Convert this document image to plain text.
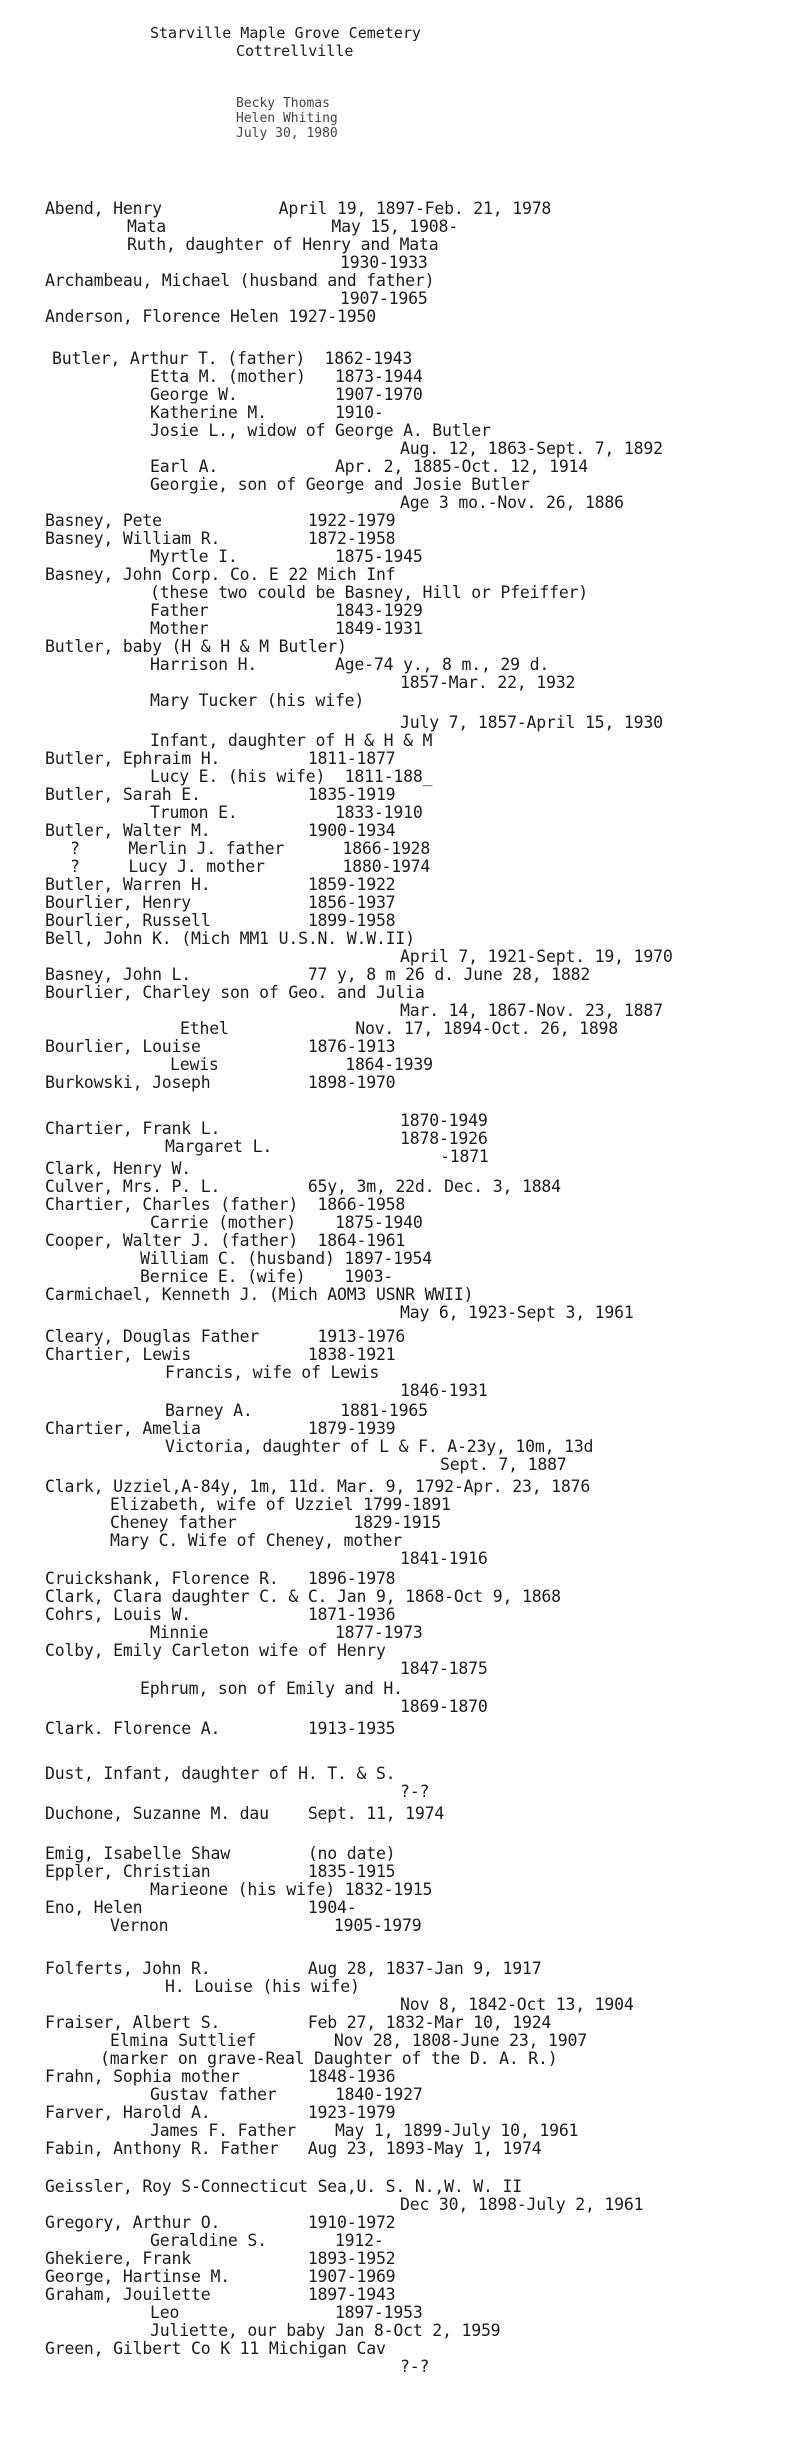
Starville Maple Grove Cemetery
Cottrellville
Becky Thomas
Helen Whiting
July 30, 1980
Abend, Henry            April 19, 1897-Feb. 21, 1978
Mata                 May 15, 1908-
Ruth, daughter of Henry and Mata
1930-1933
Archambeau, Michael (husband and father)
1907-1965
Anderson, Florence Helen 1927-1950
Butler, Arthur T. (father)  1862-1943
Etta M. (mother)   1873-1944
George W.          1907-1970
Katherine M.       1910-
Josie L., widow of George A. Butler
Aug. 12, 1863-Sept. 7, 1892
Earl A.            Apr. 2, 1885-Oct. 12, 1914
Georgie, son of George and Josie Butler
Age 3 mo.-Nov. 26, 1886
Basney, Pete               1922-1979
Basney, William R.         1872-1958
Myrtle I.          1875-1945
Basney, John Corp. Co. E 22 Mich Inf
(these two could be Basney, Hill or Pfeiffer)
Father             1843-1929
Mother             1849-1931
Butler, baby (H & H & M Butler)
Harrison H.        Age-74 y., 8 m., 29 d.
1857-Mar. 22, 1932
Mary Tucker (his wife)
July 7, 1857-April 15, 1930
Infant, daughter of H & H & M
Butler, Ephraim H.         1811-1877
Lucy E. (his wife)  1811-188_
Butler, Sarah E.           1835-1919
Trumon E.          1833-1910
Butler, Walter M.          1900-1934
?     Merlin J. father      1866-1928
?     Lucy J. mother        1880-1974
Butler, Warren H.          1859-1922
Bourlier, Henry            1856-1937
Bourlier, Russell          1899-1958
Bell, John K. (Mich MM1 U.S.N. W.W.II)
April 7, 1921-Sept. 19, 1970
Basney, John L.            77 y, 8 m 26 d. June 28, 1882
Bourlier, Charley son of Geo. and Julia
Mar. 14, 1867-Nov. 23, 1887
Ethel             Nov. 17, 1894-Oct. 26, 1898
Bourlier, Louise           1876-1913
Lewis             1864-1939
Burkowski, Joseph          1898-1970
1870-1949
Chartier, Frank L.
Margaret L.	1878-1926
-1871
Clark, Henry W.
Culver, Mrs. P. L.         65y, 3m, 22d. Dec. 3, 1884
Chartier, Charles (father)  1866-1958
Carrie (mother)    1875-1940
Cooper, Walter J. (father)  1864-1961
William C. (husband) 1897-1954
Bernice E. (wife)    1903-
Carmichael, Kenneth J. (Mich AOM3 USNR WWII)
May 6, 1923-Sept 3, 1961
Cleary, Douglas Father      1913-1976
Chartier, Lewis            1838-1921
Francis, wife of Lewis
1846-1931
Barney A.         1881-1965
Chartier, Amelia           1879-1939
Victoria, daughter of L & F. A-23y, 10m, 13d
Sept. 7, 1887
Clark, Uzziel,A-84y, 1m, 11d. Mar. 9, 1792-Apr. 23, 1876
Elizabeth, wife of Uzziel 1799-1891
Cheney father            1829-1915
Mary C. Wife of Cheney, mother
1841-1916
Cruickshank, Florence R.   1896-1978
Clark, Clara daughter C. & C. Jan 9, 1868-Oct 9, 1868
Cohrs, Louis W.            1871-1936
Minnie             1877-1973
Colby, Emily Carleton wife of Henry
1847-1875
Ephrum, son of Emily and H.
1869-1870
Clark. Florence A.         1913-1935
Dust, Infant, daughter of H. T. & S.
?-?
Duchone, Suzanne M. dau    Sept. 11, 1974
Emig, Isabelle Shaw        (no date)
Eppler, Christian          1835-1915
Marieone (his wife) 1832-1915
Eno, Helen                 1904-
Vernon                 1905-1979
Folferts, John R.          Aug 28, 1837-Jan 9, 1917
H. Louise (his wife)
Nov 8, 1842-Oct 13, 1904
Fraiser, Albert S.         Feb 27, 1832-Mar 10, 1924
Elmina Suttlief        Nov 28, 1808-June 23, 1907
(marker on grave-Real Daughter of the D. A. R.)
Frahn, Sophia mother       1848-1936
Gustav father      1840-1927
Farver, Harold A.          1923-1979
James F. Father    May 1, 1899-July 10, 1961
Fabin, Anthony R. Father   Aug 23, 1893-May 1, 1974
Geissler, Roy S-Connecticut Sea,U. S. N.,W. W. II
Dec 30, 1898-July 2, 1961
Gregory, Arthur O.         1910-1972
Geraldine S.       1912-
Ghekiere, Frank            1893-1952
George, Hartinse M.        1907-1969
Graham, Jouilette          1897-1943
Leo                1897-1953
Juliette, our baby Jan 8-Oct 2, 1959
Green, Gilbert Co K 11 Michigan Cav
?-?
